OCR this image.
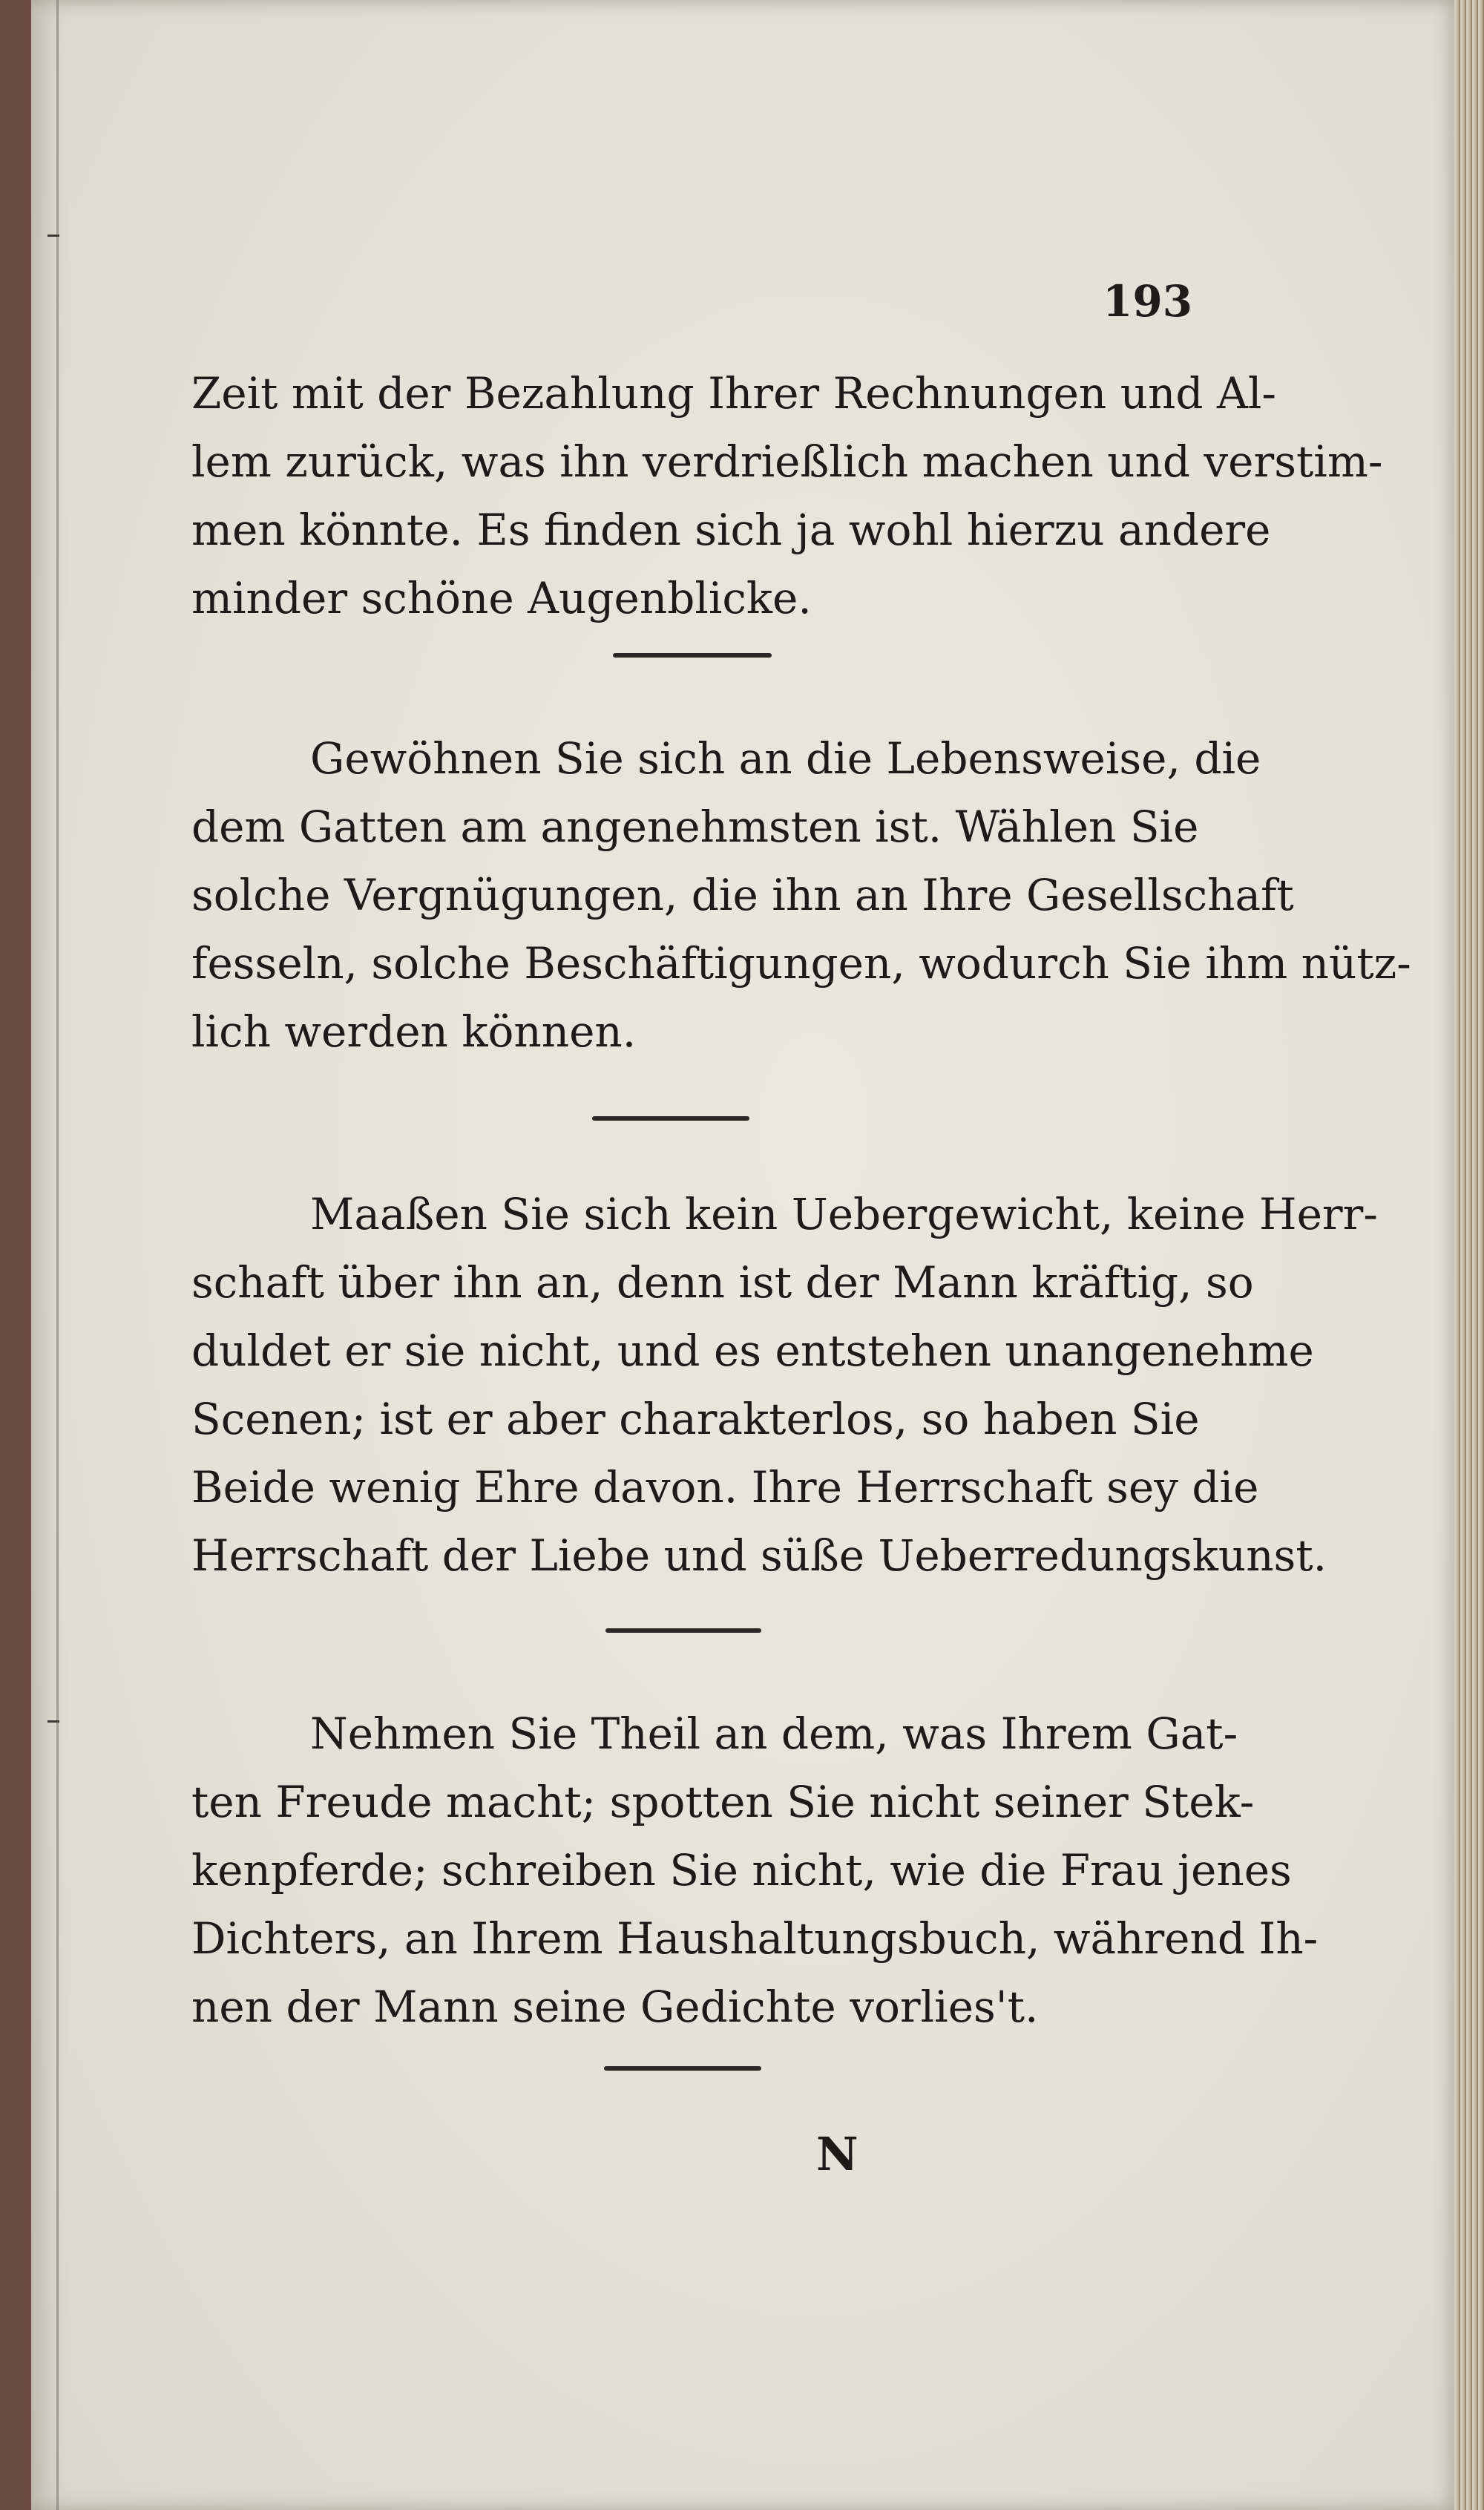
193
Zeit mit der Bezahlung Ihrer Rechnungen und Al-
lem zurück, was ihn verdrießlich machen und verstim-
men könnte. Es finden sich ja wohl hierzu andere
minder schöne Augenblicke.
Gewöhnen Sie sich an die Lebensweise, die
dem Gatten am angenehmsten ist. Wählen Sie
solche Vergnügungen, die ihn an Ihre Gesellschaft
fesseln, solche Beschäftigungen, wodurch Sie ihm nütz-
lich werden können.
Maaßen Sie sich kein Uebergewicht, keine Herr-
schaft über ihn an, denn ist der Mann kräftig, so
duldet er sie nicht, und es entstehen unangenehme
Scenen; ist er aber charakterlos, so haben Sie
Beide wenig Ehre davon. Ihre Herrschaft sey die
Herrschaft der Liebe und süße Ueberredungskunst.
Nehmen Sie Theil an dem, was Ihrem Gat-
ten Freude macht; spotten Sie nicht seiner Stek-
kenpferde; schreiben Sie nicht, wie die Frau jenes
Dichters, an Ihrem Haushaltungsbuch, während Ih-
nen der Mann seine Gedichte vorlies't.
N
